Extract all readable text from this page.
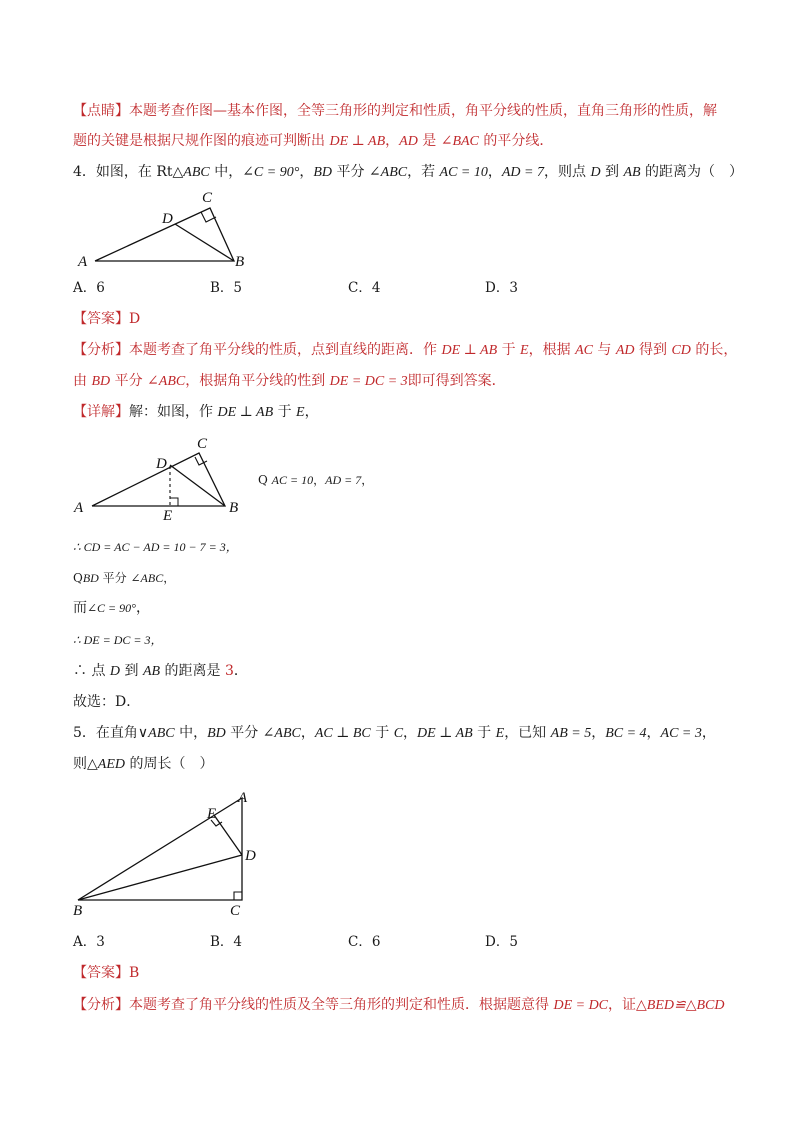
【点睛】本题考查作图—基本作图，全等三角形的判定和性质，角平分线的性质，直角三角形的性质，解
题的关键是根据尺规作图的痕迹可判断出 DE ⊥ AB，AD 是 ∠BAC 的平分线．
4．如图，在 Rt△ABC 中，∠C = 90°，BD 平分 ∠ABC，若 AC = 10，AD = 7，则点 D 到 AB 的距离为（　）
A	B
C
D
A．6	B．5	C．4	D．3
【答案】D
【分析】本题考查了角平分线的性质，点到直线的距离．作 DE ⊥ AB 于 E，根据 AC 与 AD 得到 CD 的长，
由 BD 平分 ∠ABC，根据角平分线的性到 DE = DC = 3即可得到答案．
【详解】解：如图，作 DE ⊥ AB 于 E，
A	B
C
D
E
Q AC = 10，AD = 7，
∴ CD = AC − AD = 10 − 7 = 3，
QBD 平分 ∠ABC，
而∠C = 90°，
∴ DE = DC = 3，
∴ 点 D 到 AB 的距离是 3．
故选：D．
5．在直角∨ABC 中，BD 平分 ∠ABC，AC ⊥ BC 于 C，DE ⊥ AB 于 E，已知 AB = 5，BC = 4，AC = 3，
则△AED 的周长（　）
A
B	C
D
E
A．3	B．4	C．6	D．5
【答案】B
【分析】本题考查了角平分线的性质及全等三角形的判定和性质．根据题意得 DE = DC，证△BED≌△BCD
